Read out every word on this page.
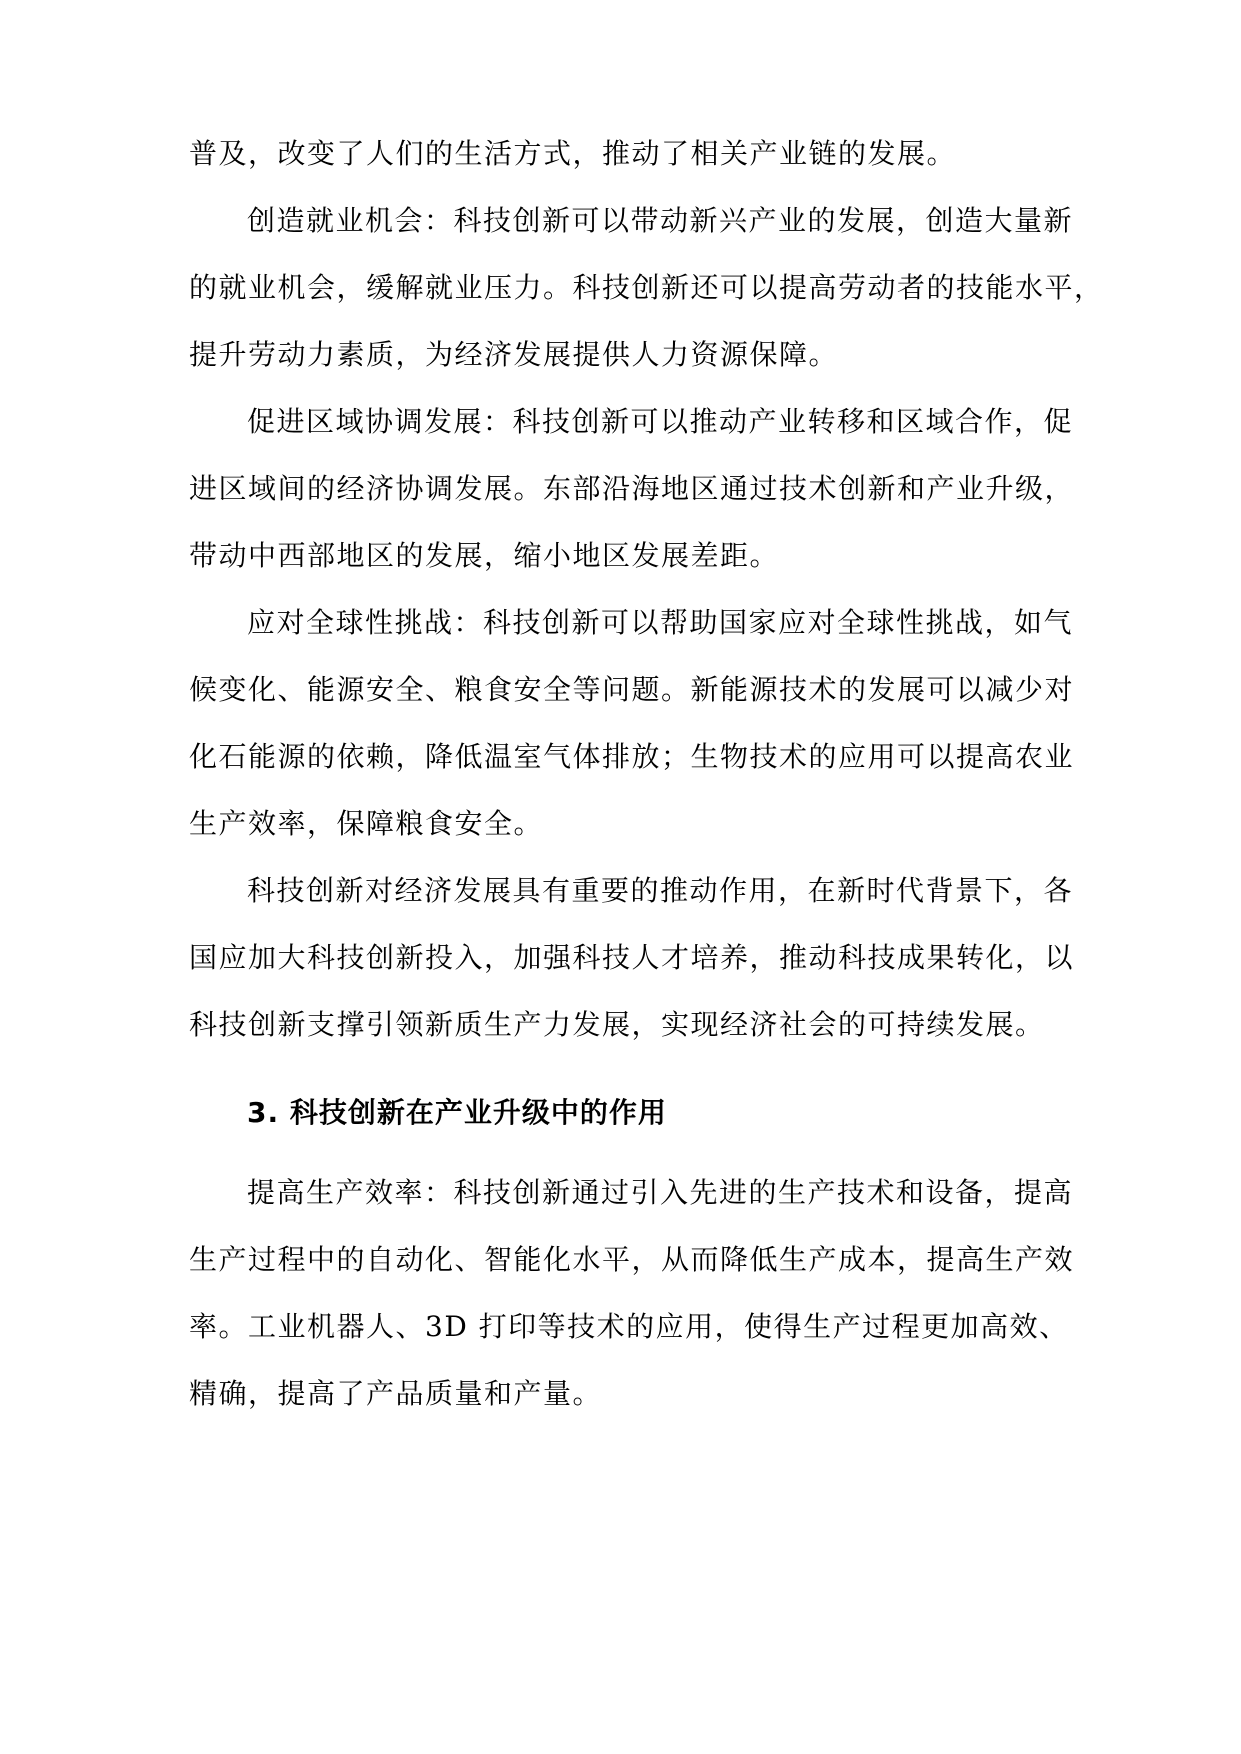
普及，改变了人们的生活方式，推动了相关产业链的发展。
创造就业机会：科技创新可以带动新兴产业的发展，创造大量新
的就业机会，缓解就业压力。科技创新还可以提高劳动者的技能水平，
提升劳动力素质，为经济发展提供人力资源保障。
促进区域协调发展：科技创新可以推动产业转移和区域合作，促
进区域间的经济协调发展。东部沿海地区通过技术创新和产业升级，
带动中西部地区的发展，缩小地区发展差距。
应对全球性挑战：科技创新可以帮助国家应对全球性挑战，如气
候变化、能源安全、粮食安全等问题。新能源技术的发展可以减少对
化石能源的依赖，降低温室气体排放；生物技术的应用可以提高农业
生产效率，保障粮食安全。
科技创新对经济发展具有重要的推动作用，在新时代背景下，各
国应加大科技创新投入，加强科技人才培养，推动科技成果转化，以
科技创新支撑引领新质生产力发展，实现经济社会的可持续发展。
3. 科技创新在产业升级中的作用
提高生产效率：科技创新通过引入先进的生产技术和设备，提高
生产过程中的自动化、智能化水平，从而降低生产成本，提高生产效
率。工业机器人、3D 打印等技术的应用，使得生产过程更加高效、
精确，提高了产品质量和产量。
